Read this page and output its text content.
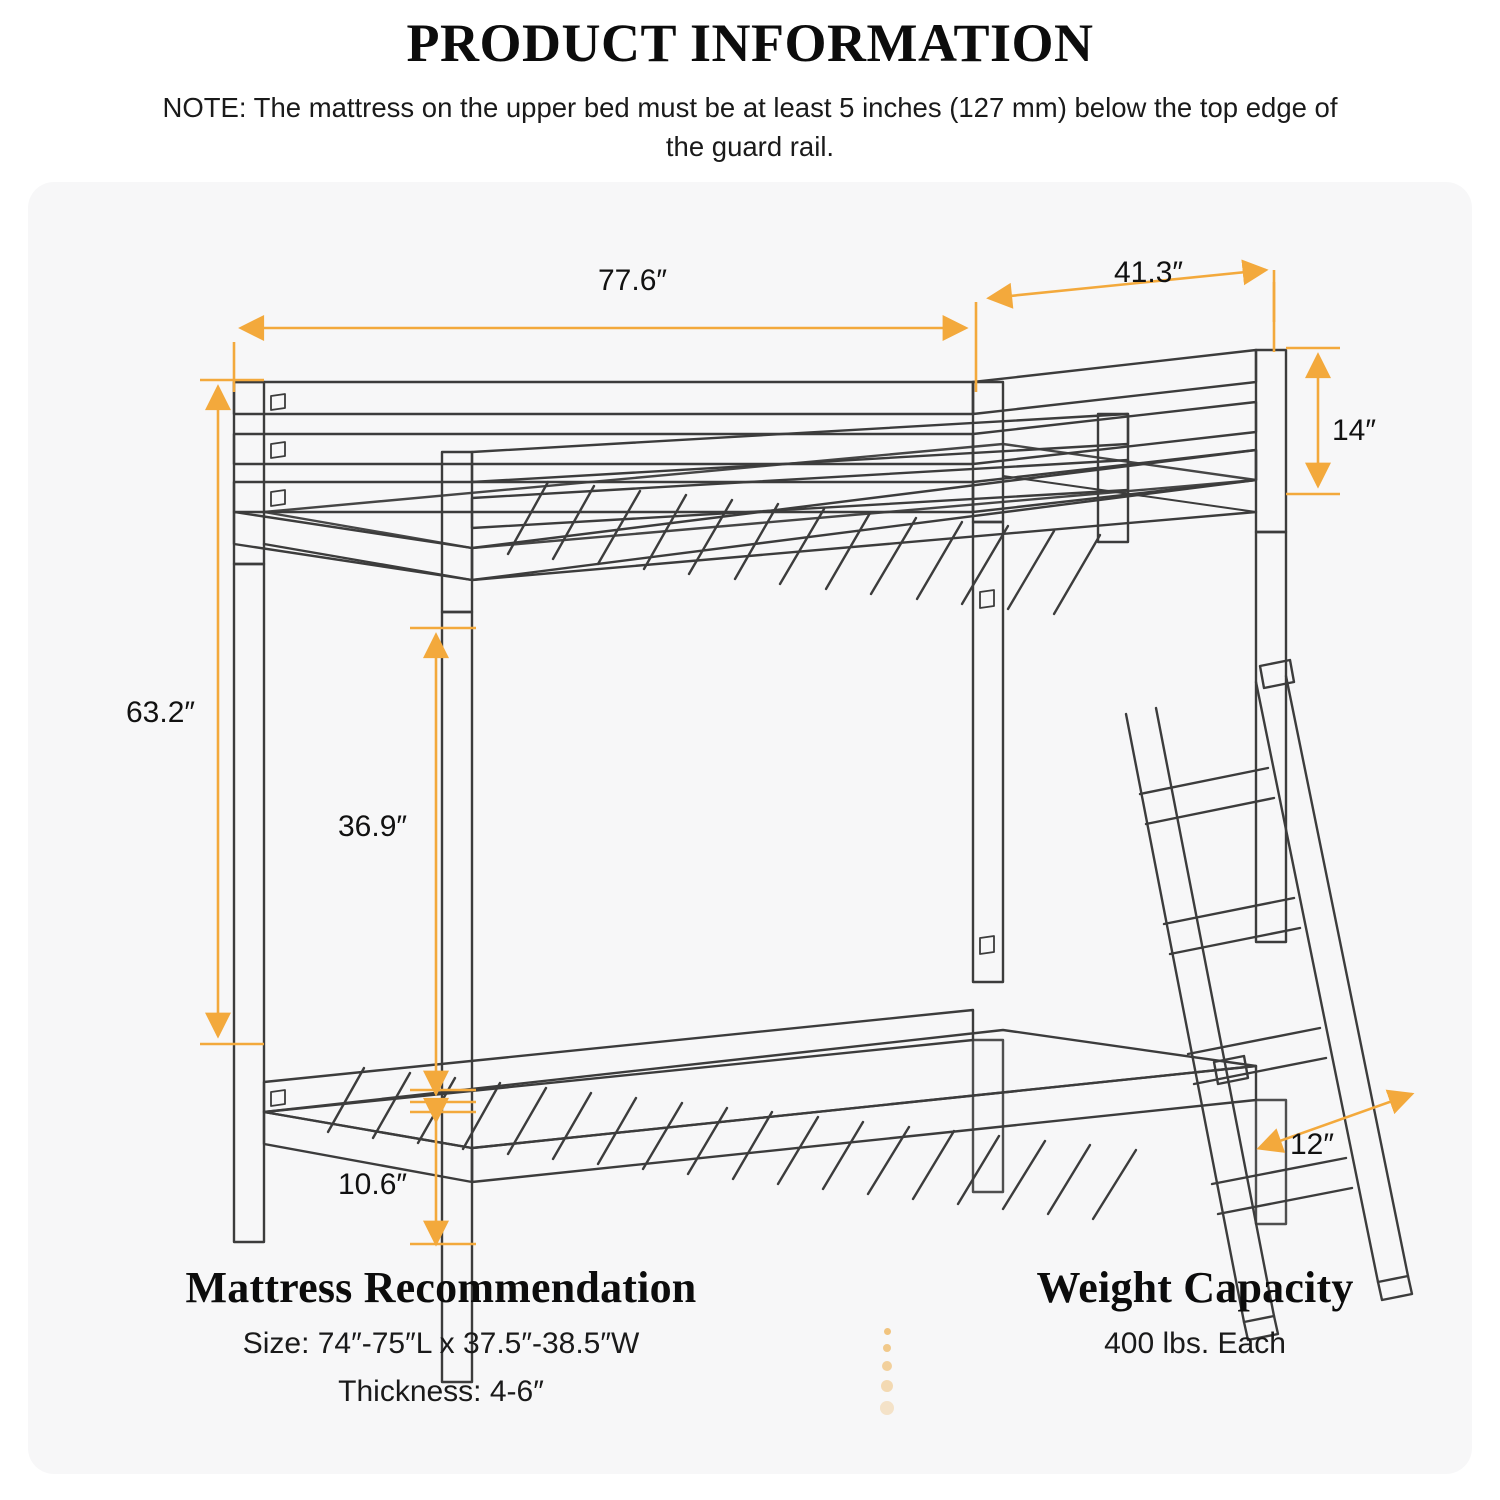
PRODUCT INFORMATION
NOTE: The mattress on the upper bed must be at least 5 inches (127 mm) below the top edge of the guard rail.
77.6″	41.3″
14″
63.2″
36.9″
10.6″
12″
Mattress Recommendation
Size: 74″-75″L x 37.5″-38.5″W
Thickness: 4-6″
Weight Capacity
400 lbs. Each
